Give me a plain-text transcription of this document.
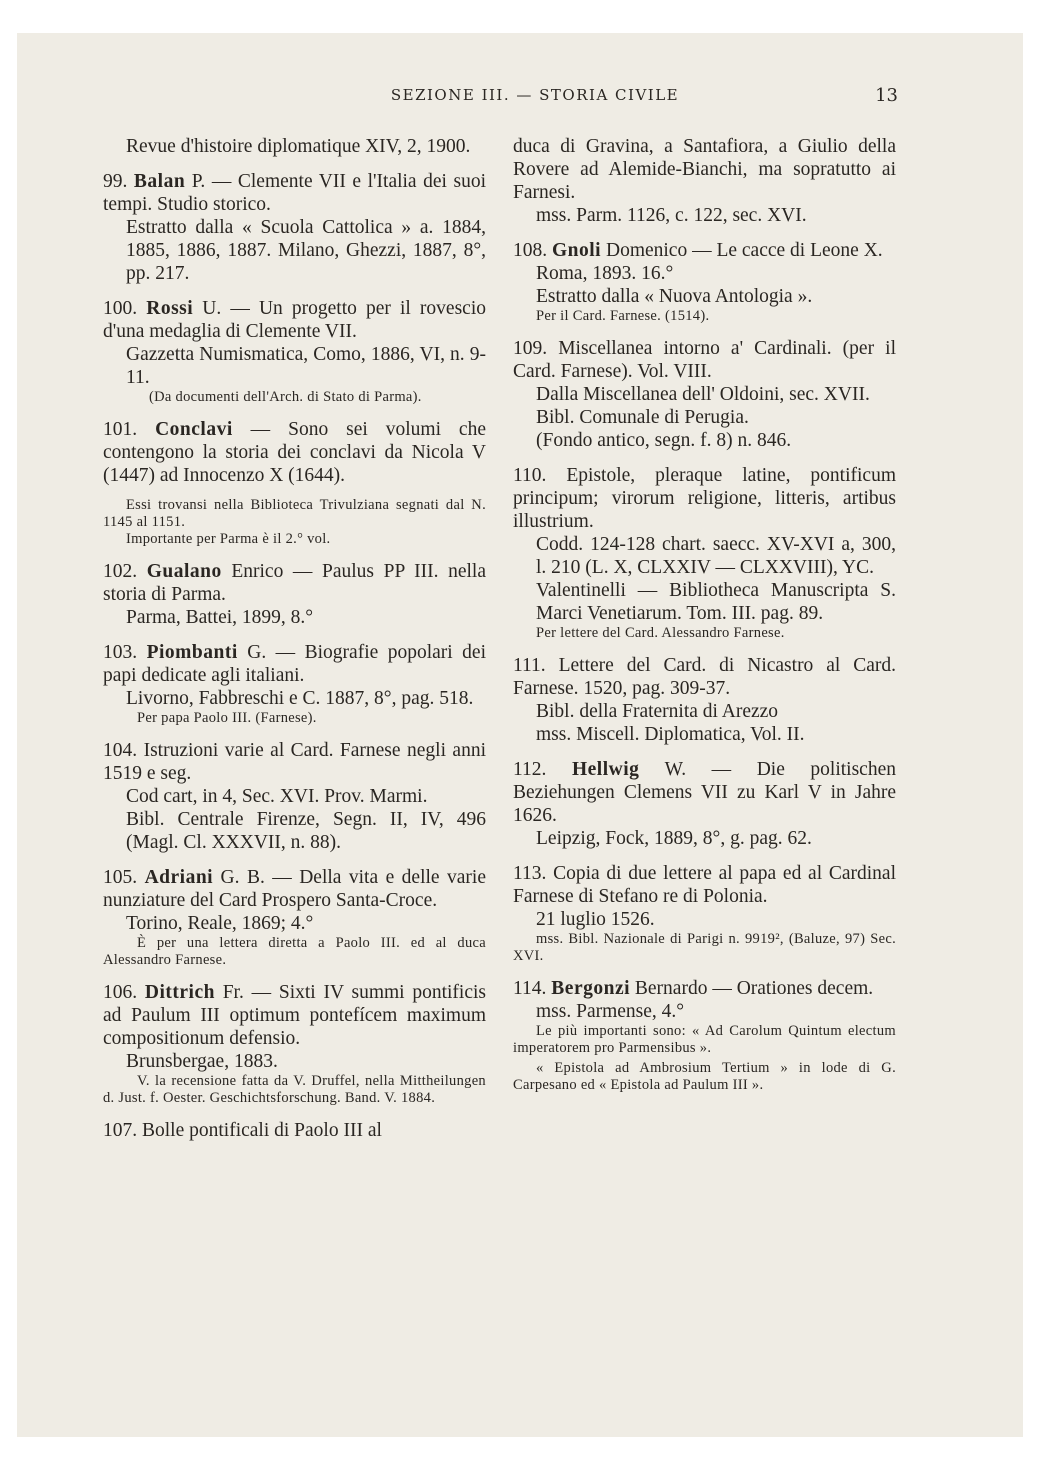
SEZIONE III. — STORIA CIVILE	13

Revue d'histoire diplomatique XIV, 2, 1900.

99. Balan P. — Clemente VII e l'Italia dei suoi tempi. Studio storico.

Estratto dalla « Scuola Cattolica » a. 1884, 1885, 1886, 1887. Milano, Ghezzi, 1887, 8°, pp. 217.

100. Rossi U. — Un progetto per il rovescio d'una medaglia di Clemente VII.

Gazzetta Numismatica, Como, 1886, VI, n. 9-11.

(Da documenti dell'Arch. di Stato di Parma).

101. Conclavi — Sono sei volumi che contengono la storia dei conclavi da Nicola V (1447) ad Innocenzo X (1644).

Essi trovansi nella Biblioteca Trivulziana segnati dal N. 1145 al 1151.

Importante per Parma è il 2.° vol.

102. Gualano Enrico — Paulus PP III. nella storia di Parma.

Parma, Battei, 1899, 8.°

103. Piombanti G. — Biografie popolari dei papi dedicate agli italiani.

Livorno, Fabbreschi e C. 1887, 8°, pag. 518.

Per papa Paolo III. (Farnese).

104. Istruzioni varie al Card. Farnese negli anni 1519 e seg.

Cod cart, in 4, Sec. XVI. Prov. Marmi.

Bibl. Centrale Firenze, Segn. II, IV, 496 (Magl. Cl. XXXVII, n. 88).

105. Adriani G. B. — Della vita e delle varie nunziature del Card Prospero Santa-Croce.

Torino, Reale, 1869; 4.°

È per una lettera diretta a Paolo III. ed al duca Alessandro Farnese.

106. Dittrich Fr. — Sixti IV summi pontificis ad Paulum III optimum pontefícem maximum compositionum defensio.

Brunsbergae, 1883.

V. la recensione fatta da V. Druffel, nella Mittheilungen d. Just. f. Oester. Geschichtsforschung. Band. V. 1884.

107. Bolle pontificali di Paolo III al

duca di Gravina, a Santafiora, a Giulio della Rovere ad Alemide-Bianchi, ma sopratutto ai Farnesi.

mss. Parm. 1126, c. 122, sec. XVI.

108. Gnoli Domenico — Le cacce di Leone X.

Roma, 1893. 16.°

Estratto dalla « Nuova Antologia ».

Per il Card. Farnese. (1514).

109. Miscellanea intorno a' Cardinali. (per il Card. Farnese). Vol. VIII.

Dalla Miscellanea dell' Oldoini, sec. XVII.

Bibl. Comunale di Perugia.

(Fondo antico, segn. f. 8) n. 846.

110. Epistole, pleraque latine, pontificum principum; virorum religione, litteris, artibus illustrium.

Codd. 124-128 chart. saecc. XV-XVI a, 300, l. 210 (L. X, CLXXIV — CLXXVIII), YC.

Valentinelli — Bibliotheca Manuscripta S. Marci Venetiarum. Tom. III. pag. 89.

Per lettere del Card. Alessandro Farnese.

111. Lettere del Card. di Nicastro al Card. Farnese. 1520, pag. 309-37.

Bibl. della Fraternita di Arezzo

mss. Miscell. Diplomatica, Vol. II.

112. Hellwig W. — Die politischen Beziehungen Clemens VII zu Karl V in Jahre 1626.

Leipzig, Fock, 1889, 8°, g. pag. 62.

113. Copia di due lettere al papa ed al Cardinal Farnese di Stefano re di Polonia.

21 luglio 1526.

mss. Bibl. Nazionale di Parigi n. 9919², (Baluze, 97) Sec. XVI.

114. Bergonzi Bernardo — Orationes decem.

mss. Parmense, 4.°

Le più importanti sono: « Ad Carolum Quintum electum imperatorem pro Parmensibus ».

« Epistola ad Ambrosium Tertium » in lode di G. Carpesano ed « Epistola ad Paulum III ».
